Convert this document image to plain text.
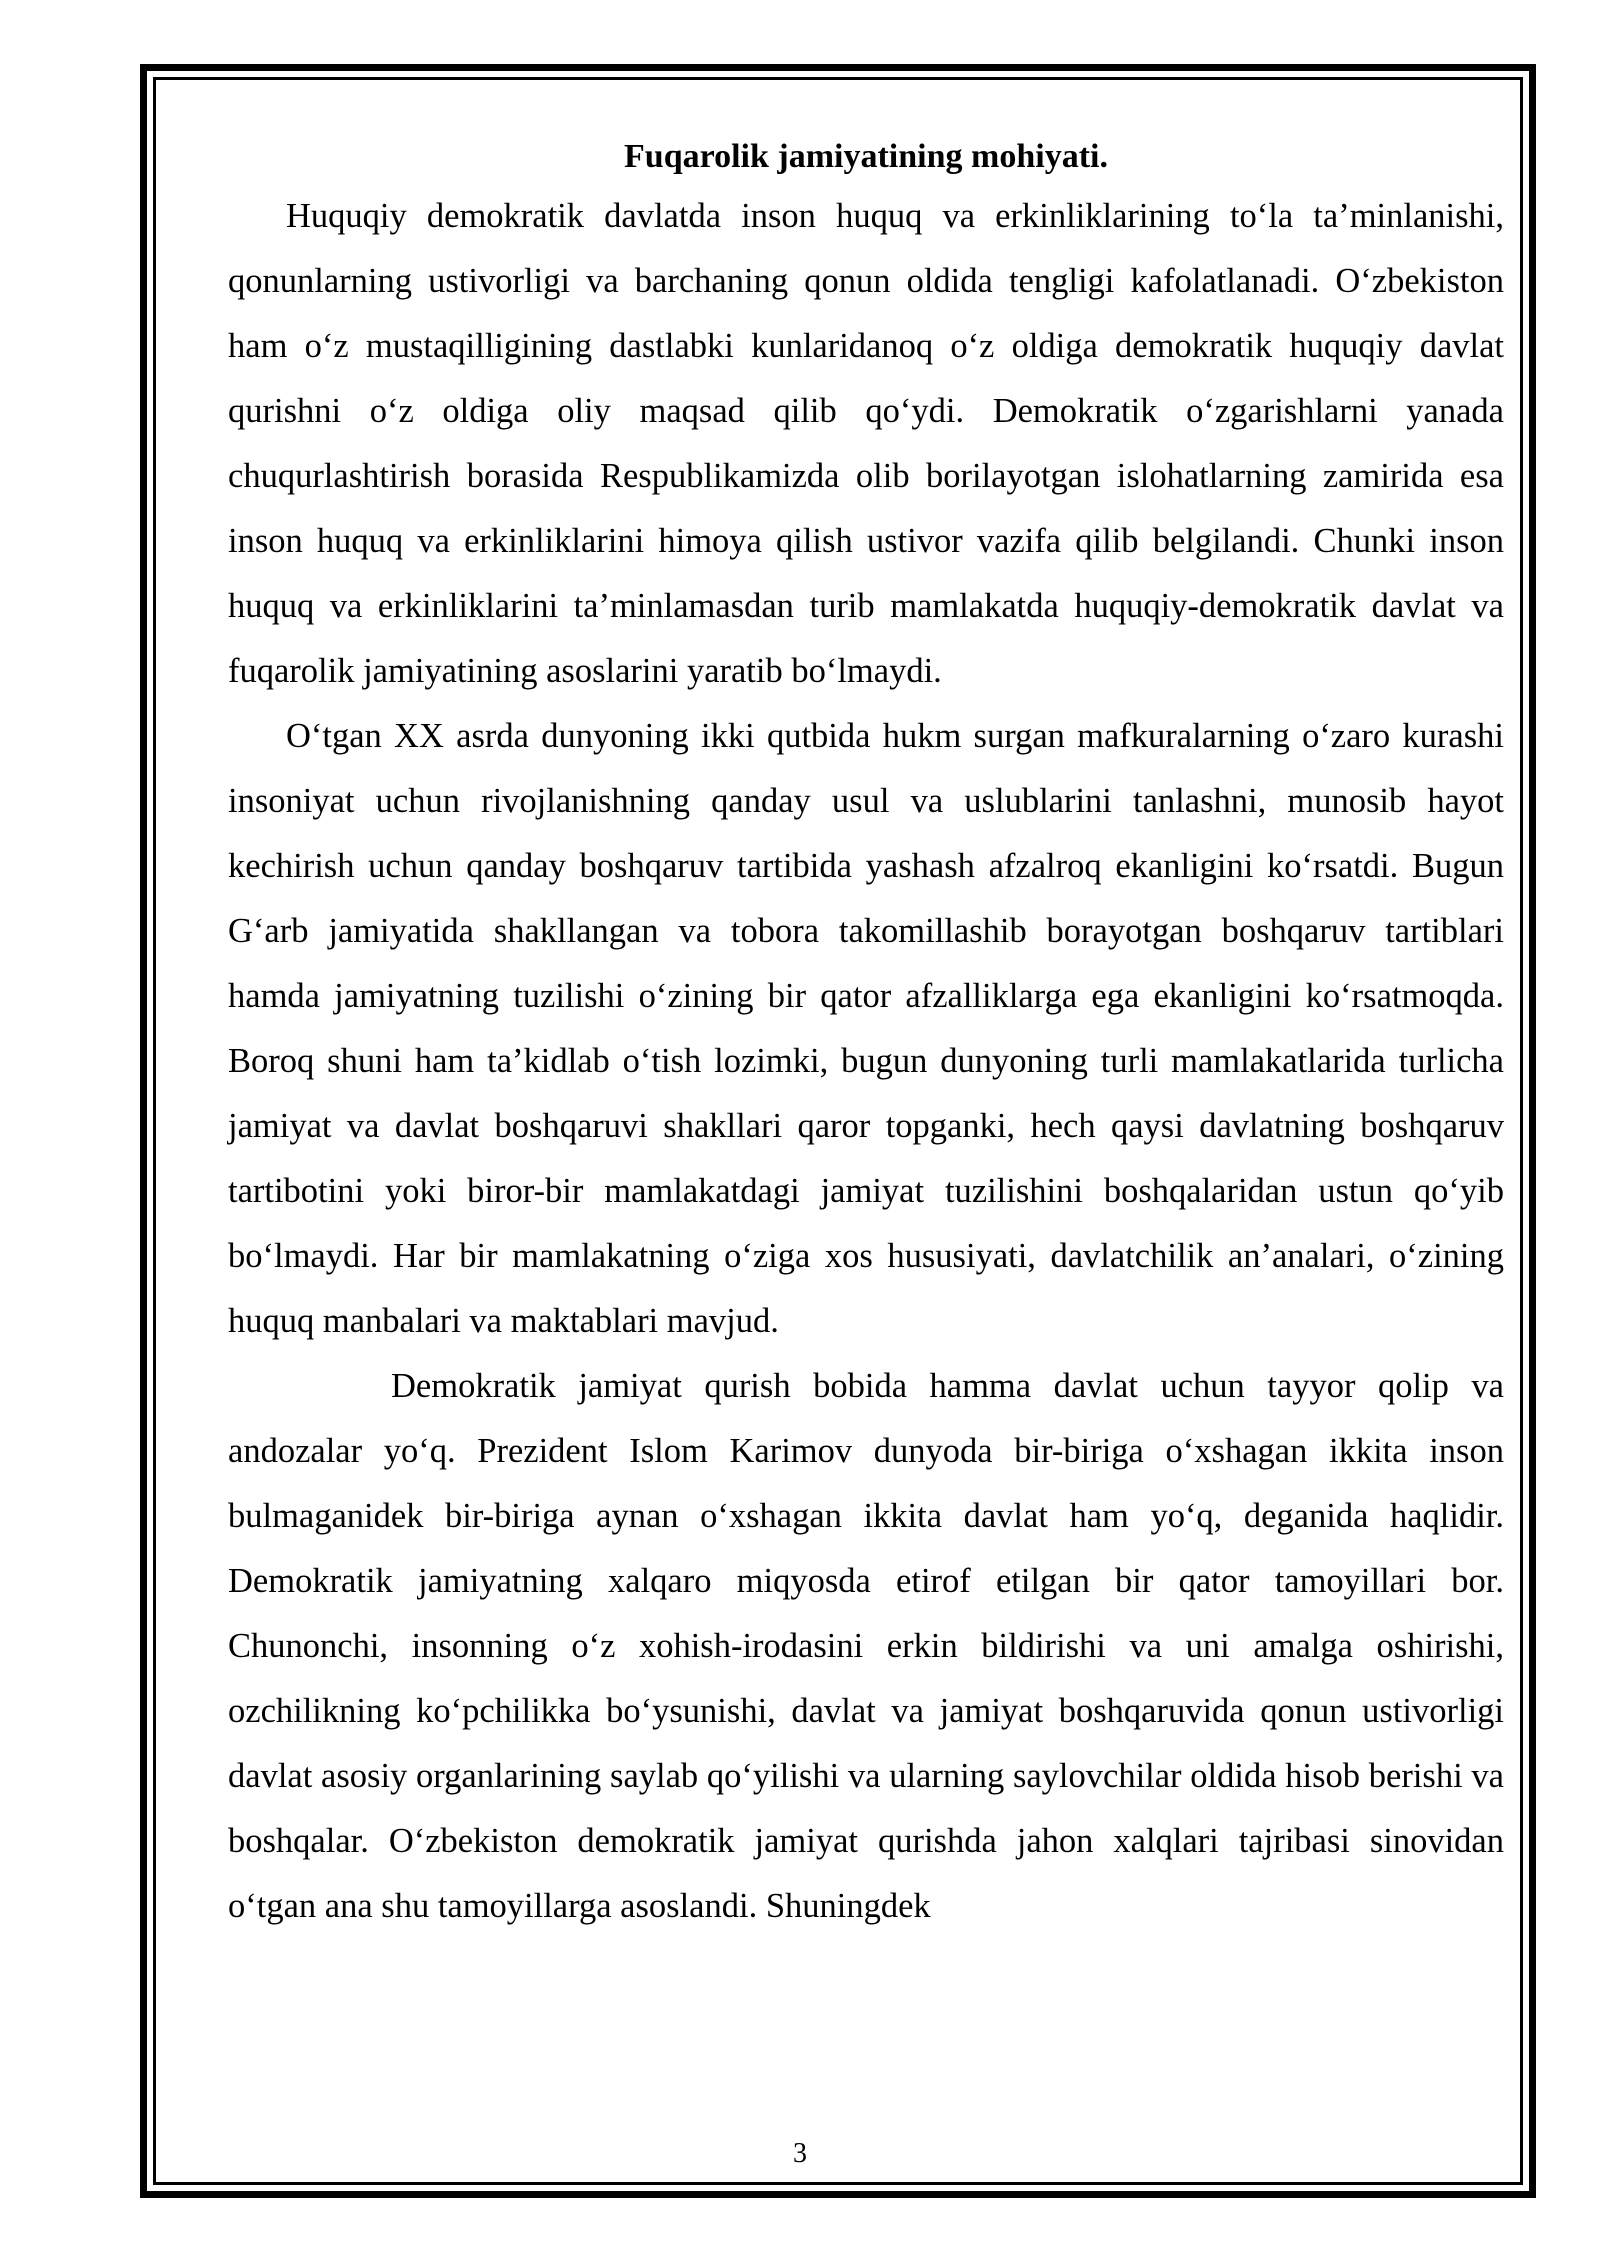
Fuqarolik jamiyatining mohiyati.

Huquqiy demokratik davlatda inson huquq va erkinliklarining to‘la ta’minlanishi, qonunlarning ustivorligi va barchaning qonun oldida tengligi kafolatlanadi. O‘zbekiston ham o‘z mustaqilligining dastlabki kunlaridanoq o‘z oldiga demokratik huquqiy davlat qurishni o‘z oldiga oliy maqsad qilib qo‘ydi. Demokratik o‘zgarishlarni yanada chuqurlashtirish borasida Respublikamizda olib borilayotgan islohatlarning zamirida esa inson huquq va erkinliklarini himoya qilish ustivor vazifa qilib belgilandi. Chunki inson huquq va erkinliklarini ta’minlamasdan turib mamlakatda huquqiy-demokratik davlat va fuqarolik jamiyatining asoslarini yaratib bo‘lmaydi.

O‘tgan XX asrda dunyoning ikki qutbida hukm surgan mafkuralarning o‘zaro kurashi insoniyat uchun rivojlanishning qanday usul va uslublarini tanlashni, munosib hayot kechirish uchun qanday boshqaruv tartibida yashash afzalroq ekanligini ko‘rsatdi. Bugun G‘arb jamiyatida shakllangan va tobora takomillashib borayotgan boshqaruv tartiblari hamda jamiyatning tuzilishi o‘zining bir qator afzalliklarga ega ekanligini ko‘rsatmoqda. Boroq shuni ham ta’kidlab o‘tish lozimki, bugun dunyoning turli mamlakatlarida turlicha jamiyat va davlat boshqaruvi shakllari qaror topganki, hech qaysi davlatning boshqaruv tartibotini yoki biror-bir mamlakatdagi jamiyat tuzilishini boshqalaridan ustun qo‘yib bo‘lmaydi. Har bir mamlakatning o‘ziga xos hususiyati, davlatchilik an’analari, o‘zining huquq manbalari va maktablari mavjud.

Demokratik jamiyat qurish bobida hamma davlat uchun tayyor qolip va andozalar yo‘q. Prezident Islom Karimov dunyoda bir-biriga o‘xshagan ikkita inson bulmaganidek bir-biriga aynan o‘xshagan ikkita davlat ham yo‘q, deganida haqlidir. Demokratik jamiyatning xalqaro miqyosda etirof etilgan bir qator tamoyillari bor. Chunonchi, insonning o‘z xohish-irodasini erkin bildirishi va uni amalga oshirishi, ozchilikning ko‘pchilikka bo‘ysunishi, davlat va jamiyat boshqaruvida qonun ustivorligi davlat asosiy organlarining saylab qo‘yilishi va ularning saylovchilar oldida hisob berishi va boshqalar. O‘zbekiston demokratik jamiyat qurishda jahon xalqlari tajribasi sinovidan o‘tgan ana shu tamoyillarga asoslandi. Shuningdek

3
